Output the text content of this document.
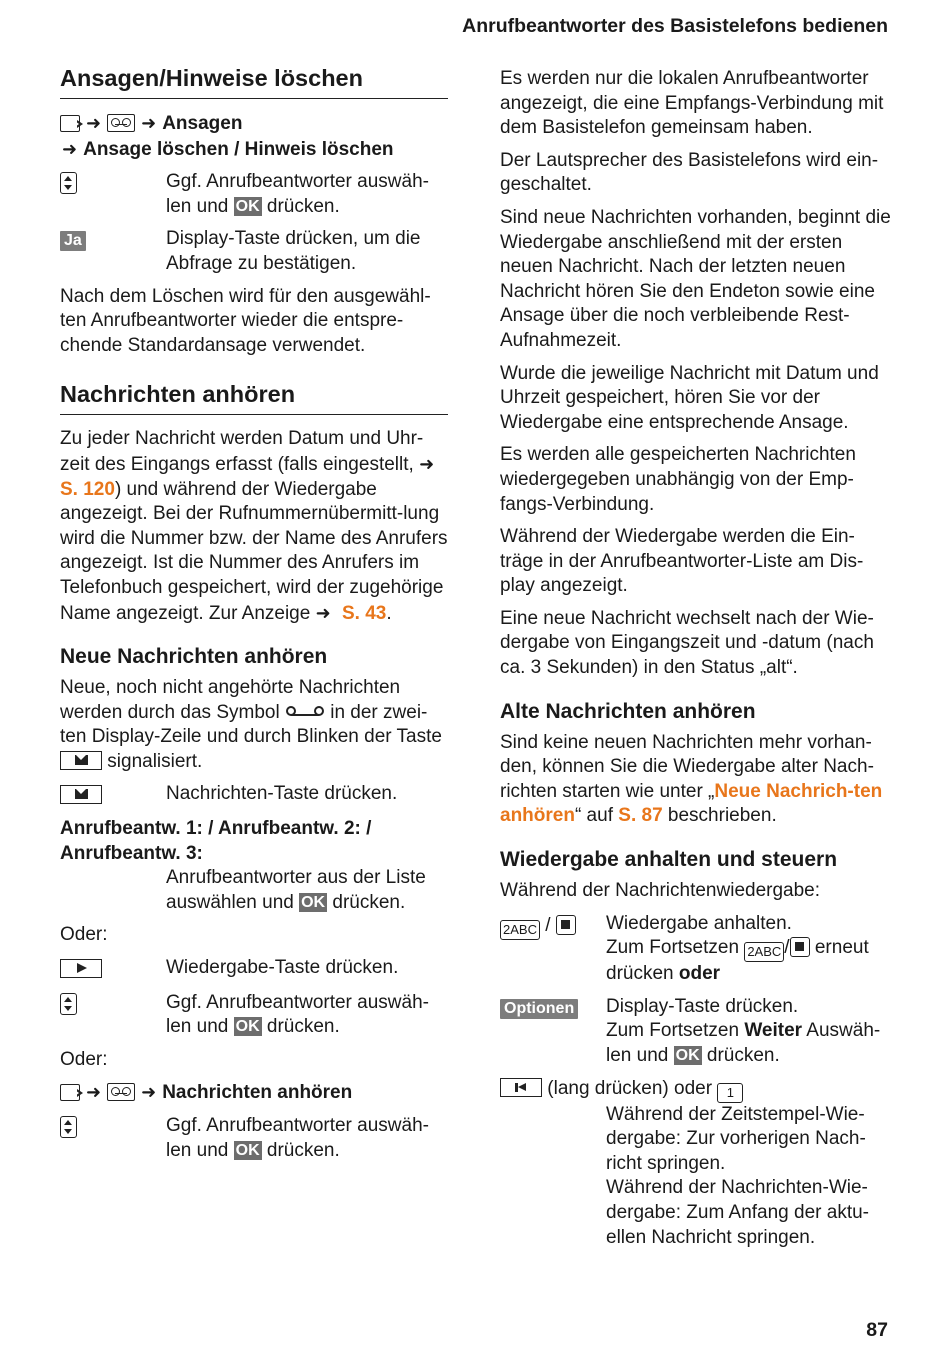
Anrufbeantworter des Basistelefons bedienen
Ansagen/Hinweise löschen
➜ ➜ Ansagen
➜ Ansage löschen / Hinweis löschen
Ggf. Anrufbeantworter auswäh-len und OK drücken.
Ja	Display-Taste drücken, um die Abfrage zu bestätigen.

Nach dem Löschen wird für den ausgewähl-ten Anrufbeantworter wieder die entspre-chende Standardansage verwendet.

Nachrichten anhören

Zu jeder Nachricht werden Datum und Uhr-zeit des Eingangs erfasst (falls eingestellt, ➜ S. 120) und während der Wiedergabe angezeigt. Bei der Rufnummernübermitt-lung wird die Nummer bzw. der Name des Anrufers angezeigt. Ist die Nummer des Anrufers im Telefonbuch gespeichert, wird der zugehörige Name angezeigt. Zur Anzeige ➜ S. 43.

Neue Nachrichten anhören

Neue, noch nicht angehörte Nachrichten werden durch das Symbol	in der zwei-ten Display-Zeile und durch Blinken der Taste
signalisiert.

Nachrichten-Taste drücken.
Anrufbeantw. 1: / Anrufbeantw. 2: / Anrufbeantw. 3:
Anrufbeantworter aus der Liste auswählen und OK drücken.

Oder:

Wiedergabe-Taste drücken.
Ggf. Anrufbeantworter auswäh-len und OK drücken.

Oder:

➜ ➜ Nachrichten anhören
Ggf. Anrufbeantworter auswäh-len und OK drücken.

Es werden nur die lokalen Anrufbeantworter angezeigt, die eine Empfangs-Verbindung mit dem Basistelefon gemeinsam haben.

Der Lautsprecher des Basistelefons wird ein-geschaltet.

Sind neue Nachrichten vorhanden, beginnt die Wiedergabe anschließend mit der ersten neuen Nachricht. Nach der letzten neuen Nachricht hören Sie den Endeton sowie eine Ansage über die noch verbleibende Rest-Aufnahmezeit.

Wurde die jeweilige Nachricht mit Datum und Uhrzeit gespeichert, hören Sie vor der Wiedergabe eine entsprechende Ansage.

Es werden alle gespeicherten Nachrichten wiedergegeben unabhängig von der Emp-fangs-Verbindung.

Während der Wiedergabe werden die Ein-träge in der Anrufbeantworter-Liste am Dis-play angezeigt.

Eine neue Nachricht wechselt nach der Wie-dergabe von Eingangszeit und -datum (nach ca. 3 Sekunden) in den Status „alt“.

Alte Nachrichten anhören

Sind keine neuen Nachrichten mehr vorhan-den, können Sie die Wiedergabe alter Nach-richten starten wie unter „Neue Nachrich-ten anhören“ auf S. 87 beschrieben.

Wiedergabe anhalten und steuern

Während der Nachrichtenwiedergabe:

2ABC /	Wiedergabe anhalten.
Zum Fortsetzen 2ABC / erneut drücken oder
Optionen	Display-Taste drücken.
Zum Fortsetzen Weiter Auswäh-len und OK drücken.
(lang drücken) oder 1
Während der Zeitstempel-Wie-dergabe: Zur vorherigen Nach-richt springen.
Während der Nachrichten-Wie-dergabe: Zum Anfang der aktu-ellen Nachricht springen.
87
